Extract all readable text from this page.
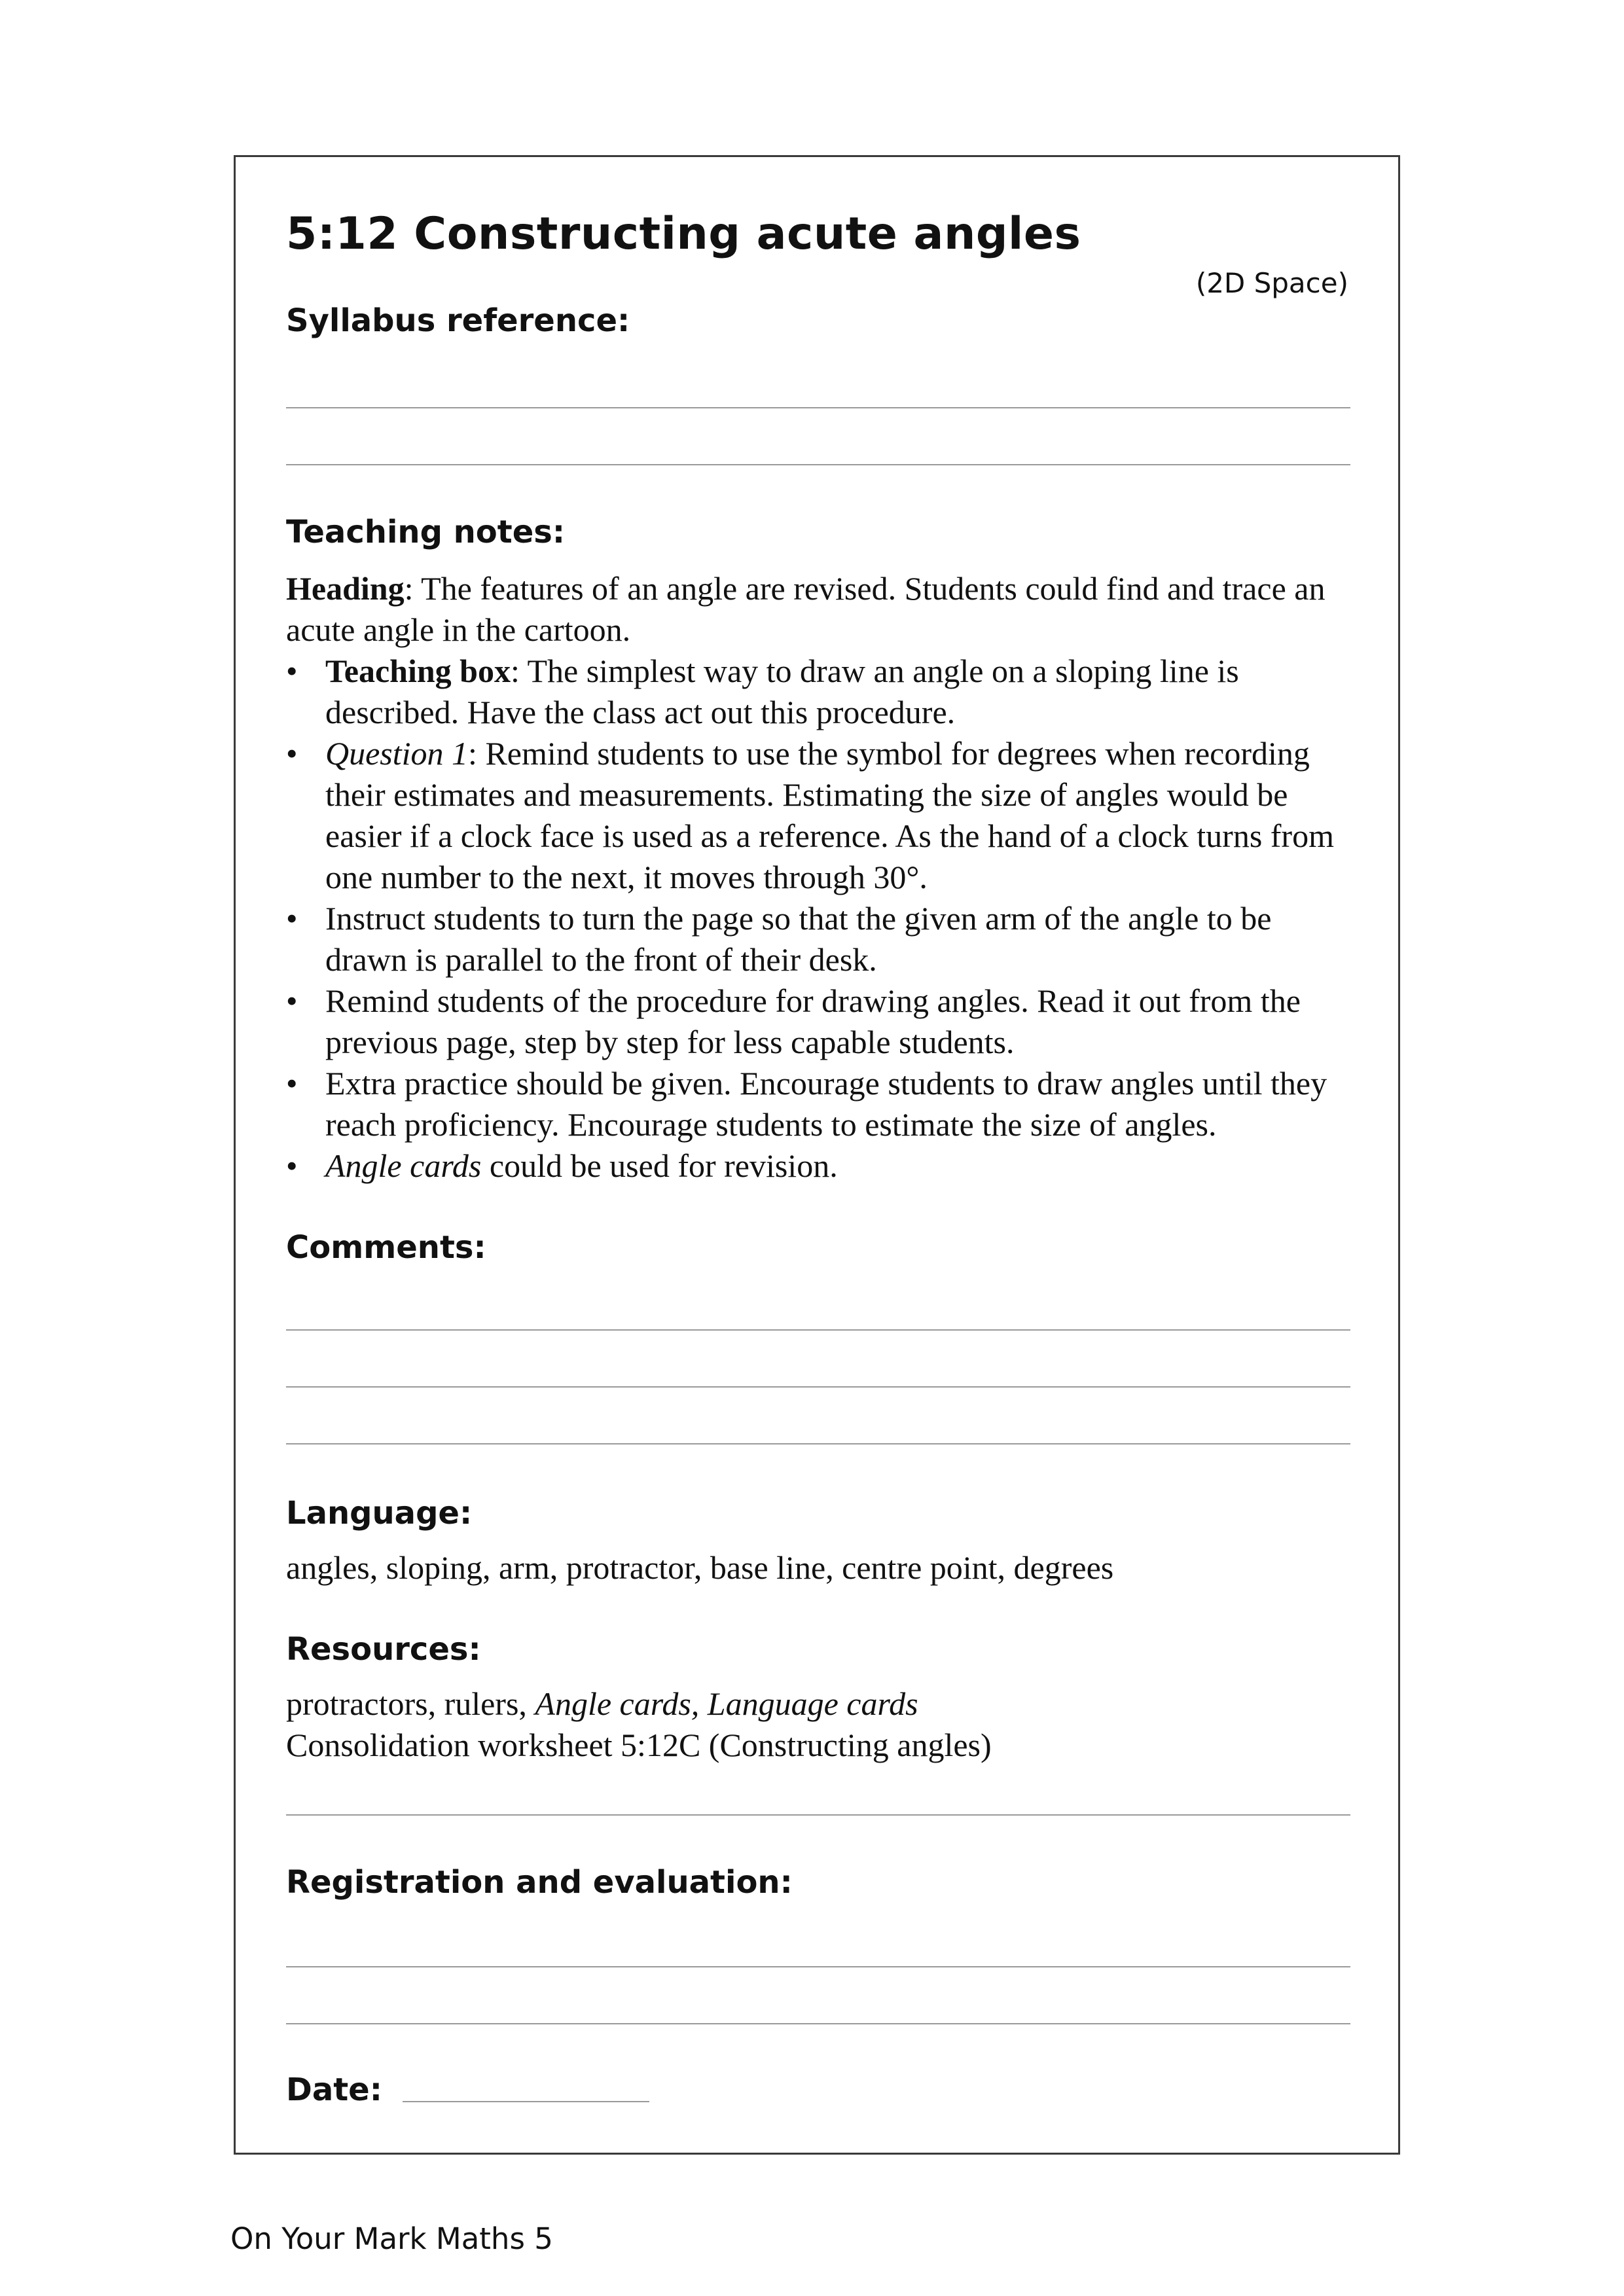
5:12 Constructing acute angles
(2D Space)
Syllabus reference:
Teaching notes:

Heading: The features of an angle are revised. Students could find and trace an acute angle in the cartoon.

• Teaching box: The simplest way to draw an angle on a sloping line is described. Have the class act out this procedure.
• Question 1: Remind students to use the symbol for degrees when recording their estimates and measurements. Estimating the size of angles would be easier if a clock face is used as a reference. As the hand of a clock turns from one number to the next, it moves through 30°.
• Instruct students to turn the page so that the given arm of the angle to be drawn is parallel to the front of their desk.
• Remind students of the procedure for drawing angles. Read it out from the previous page, step by step for less capable students.
• Extra practice should be given. Encourage students to draw angles until they reach proficiency. Encourage students to estimate the size of angles.
• Angle cards could be used for revision.
Comments:
Language:
angles, sloping, arm, protractor, base line, centre point, degrees
Resources:
protractors, rulers, Angle cards, Language cards
Consolidation worksheet 5:12C (Constructing angles)
Registration and evaluation:
Date:
On Your Mark Maths 5
